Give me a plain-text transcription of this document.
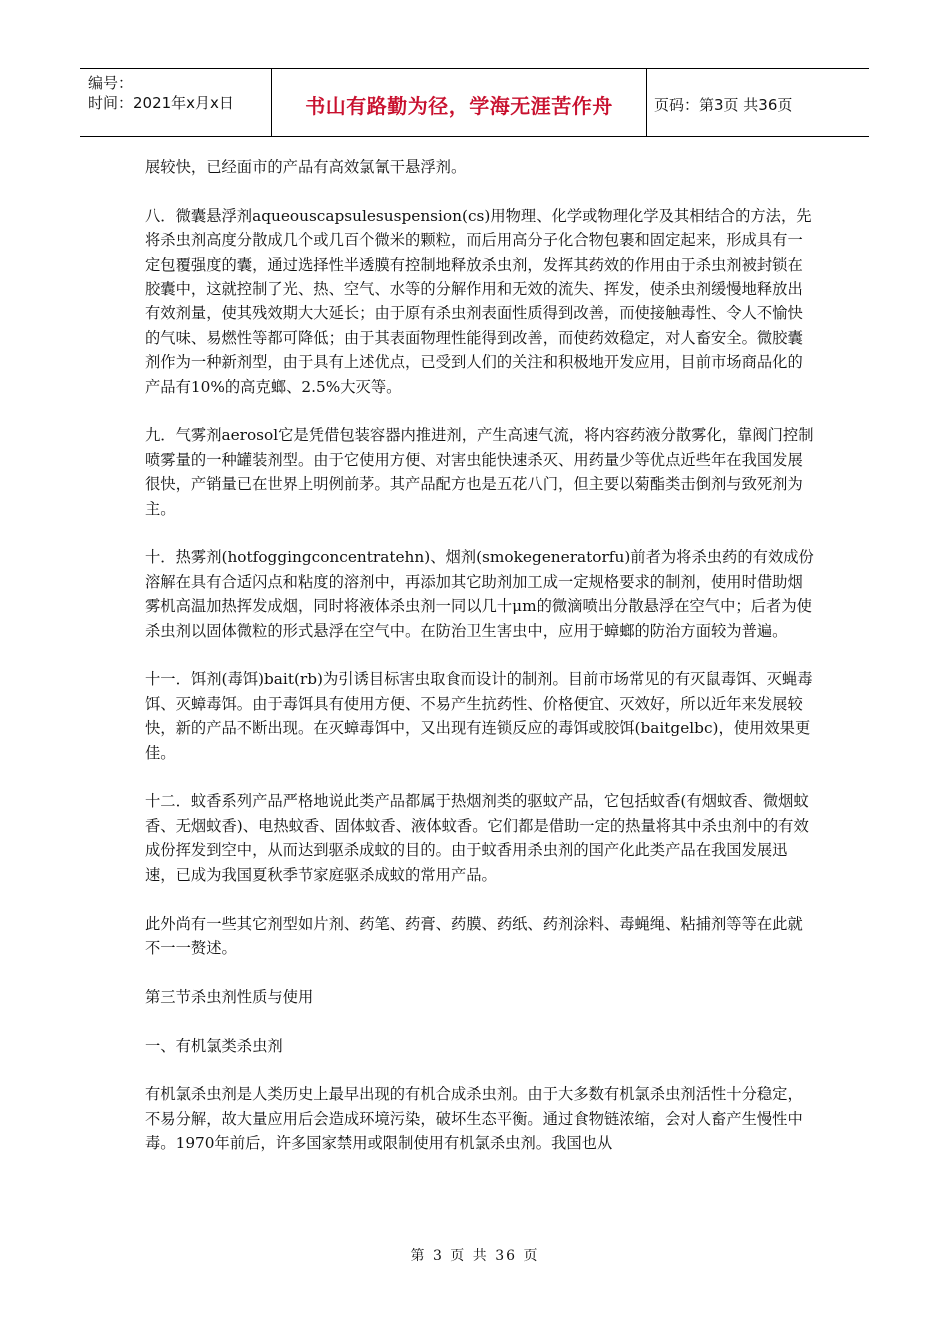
编号：
时间：2021年x月x日	书山有路勤为径，学海无涯苦作舟	页码：第3页 共36页

展较快，已经面市的产品有高效氯氰干悬浮剂。

八．微囊悬浮剂aqueouscapsulesuspension(cs)用物理、化学或物理化学及其相结合的方法，先将杀虫剂高度分散成几个或几百个微米的颗粒，而后用高分子化合物包裹和固定起来，形成具有一定包覆强度的囊，通过选择性半透膜有控制地释放杀虫剂，发挥其药效的作用由于杀虫剂被封锁在胶囊中，这就控制了光、热、空气、水等的分解作用和无效的流失、挥发，使杀虫剂缓慢地释放出有效剂量，使其残效期大大延长；由于原有杀虫剂表面性质得到改善，而使接触毒性、令人不愉快的气味、易燃性等都可降低；由于其表面物理性能得到改善，而使药效稳定，对人畜安全。微胶囊剂作为一种新剂型，由于具有上述优点，已受到人们的关注和积极地开发应用，目前市场商品化的产品有10%的高克螂、2.5%大灭等。

九．气雾剂aerosol它是凭借包装容器内推进剂，产生高速气流，将内容药液分散雾化，靠阀门控制喷雾量的一种罐装剂型。由于它使用方便、对害虫能快速杀灭、用药量少等优点近些年在我国发展很快，产销量已在世界上明例前茅。其产品配方也是五花八门，但主要以菊酯类击倒剂与致死剂为主。

十．热雾剂(hotfoggingconcentratehn)、烟剂(smokegeneratorfu)前者为将杀虫药的有效成份溶解在具有合适闪点和粘度的溶剂中，再添加其它助剂加工成一定规格要求的制剂，使用时借助烟雾机高温加热挥发成烟，同时将液体杀虫剂一同以几十μm的微滴喷出分散悬浮在空气中；后者为使杀虫剂以固体微粒的形式悬浮在空气中。在防治卫生害虫中，应用于蟑螂的防治方面较为普遍。

十一．饵剂(毒饵)bait(rb)为引诱目标害虫取食而设计的制剂。目前市场常见的有灭鼠毒饵、灭蝇毒饵、灭蟑毒饵。由于毒饵具有使用方便、不易产生抗药性、价格便宜、灭效好，所以近年来发展较快，新的产品不断出现。在灭蟑毒饵中，又出现有连锁反应的毒饵或胶饵(baitgelbc)，使用效果更佳。

十二．蚊香系列产品严格地说此类产品都属于热烟剂类的驱蚊产品，它包括蚊香(有烟蚊香、微烟蚊香、无烟蚊香)、电热蚊香、固体蚊香、液体蚊香。它们都是借助一定的热量将其中杀虫剂中的有效成份挥发到空中，从而达到驱杀成蚊的目的。由于蚊香用杀虫剂的国产化此类产品在我国发展迅速，已成为我国夏秋季节家庭驱杀成蚊的常用产品。

此外尚有一些其它剂型如片剂、药笔、药膏、药膜、药纸、药剂涂料、毒蝇绳、粘捕剂等等在此就不一一赘述。

第三节杀虫剂性质与使用

一、有机氯类杀虫剂

有机氯杀虫剂是人类历史上最早出现的有机合成杀虫剂。由于大多数有机氯杀虫剂活性十分稳定，不易分解，故大量应用后会造成环境污染，破坏生态平衡。通过食物链浓缩，会对人畜产生慢性中毒。1970年前后，许多国家禁用或限制使用有机氯杀虫剂。我国也从

第 3 页 共 36 页
